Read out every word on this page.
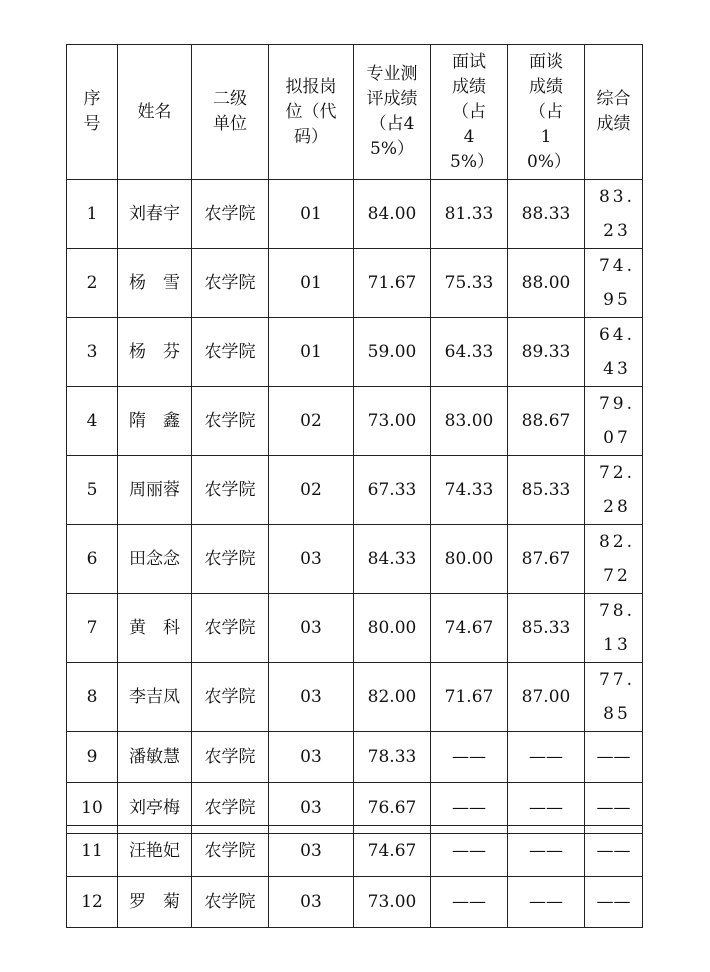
序号	姓名	二级单位	拟报岗位（代码）	专业测评成绩（占45%）	面试成绩（占45%）	面谈成绩（占10%）	综合成绩

1	刘春宇	农学院	01	84.00	81.33	88.33	83.23

2	杨　雪	农学院	01	71.67	75.33	88.00	74.95

3	杨　芬	农学院	01	59.00	64.33	89.33	64.43

4	隋　鑫	农学院	02	73.00	83.00	88.67	79.07

5	周丽蓉	农学院	02	67.33	74.33	85.33	72.28

6	田念念	农学院	03	84.33	80.00	87.67	82.72

7	黄　科	农学院	03	80.00	74.67	85.33	78.13

8	李吉凤	农学院	03	82.00	71.67	87.00	77.85

9	潘敏慧	农学院	03	78.33	——	——	——
10	刘亭梅	农学院	03	76.67	——	——	——
11	汪艳妃	农学院	03	74.67	——	——	——
12	罗　菊	农学院	03	73.00	——	——	——
